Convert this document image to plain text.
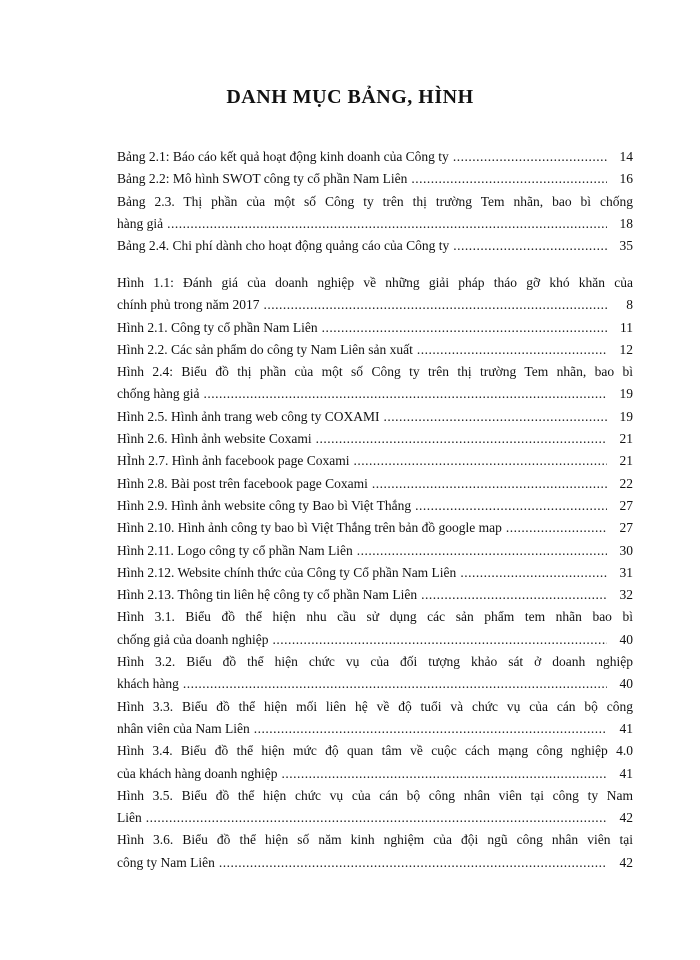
DANH MỤC BẢNG, HÌNH
Bảng 2.1: Báo cáo kết quả hoạt động kinh doanh của Công ty .....	14
Bảng 2.2: Mô hình SWOT công ty cổ phần Nam Liên .....	16
Bảng 2.3. Thị phần của một số Công ty trên thị trường Tem nhãn, bao bì chống
hàng giả .....	18
Bảng 2.4. Chi phí dành cho hoạt động quảng cáo của Công ty .....	35
Hình 1.1: Đánh giá của doanh nghiệp về những giải pháp tháo gỡ khó khăn của
chính phủ trong năm 2017 .....	8
Hình 2.1. Công ty cổ phần Nam Liên .....	11
Hình 2.2. Các sản phẩm do công ty Nam Liên sản xuất .....	12
Hình 2.4: Biểu đồ thị phần của một số Công ty trên thị trường Tem nhãn, bao bì
chống hàng giả .....	19
Hình 2.5. Hình ảnh trang web công ty COXAMI .....	19
Hình 2.6. Hình ảnh website Coxami .....	21
HÌnh 2.7. Hình ảnh facebook page Coxami .....	21
Hình 2.8. Bài post trên facebook page Coxami .....	22
Hình 2.9. Hình ảnh website công ty Bao bì Việt Thắng .....	27
Hình 2.10. Hình ảnh công ty bao bì Việt Thắng trên bản đồ google map .....	27
Hình 2.11. Logo công ty cổ phần Nam Liên .....	30
Hình 2.12. Website chính thức của Công ty Cổ phần Nam Liên .....	31
Hình 2.13. Thông tin liên hệ công ty cổ phần Nam Liên .....	32
Hình 3.1. Biểu đồ thể hiện nhu cầu sử dụng các sản phẩm tem nhãn bao bì
chống giả của doanh nghiệp .....	40
Hình 3.2. Biểu đồ thể hiện chức vụ của đối tượng khảo sát ở doanh nghiệp
khách hàng .....	40
Hình 3.3. Biểu đồ thể hiện mối liên hệ về độ tuổi và chức vụ của cán bộ công
nhân viên của Nam Liên .....	41
Hình 3.4. Biểu đồ thể hiện mức độ quan tâm về cuộc cách mạng công nghiệp 4.0
của khách hàng doanh nghiệp .....	41
Hình 3.5. Biểu đồ thể hiện chức vụ của cán bộ công nhân viên tại công ty Nam
Liên .....	42
Hình 3.6. Biểu đồ thể hiện số năm kinh nghiệm của đội ngũ công nhân viên tại
công ty Nam Liên .....	42
